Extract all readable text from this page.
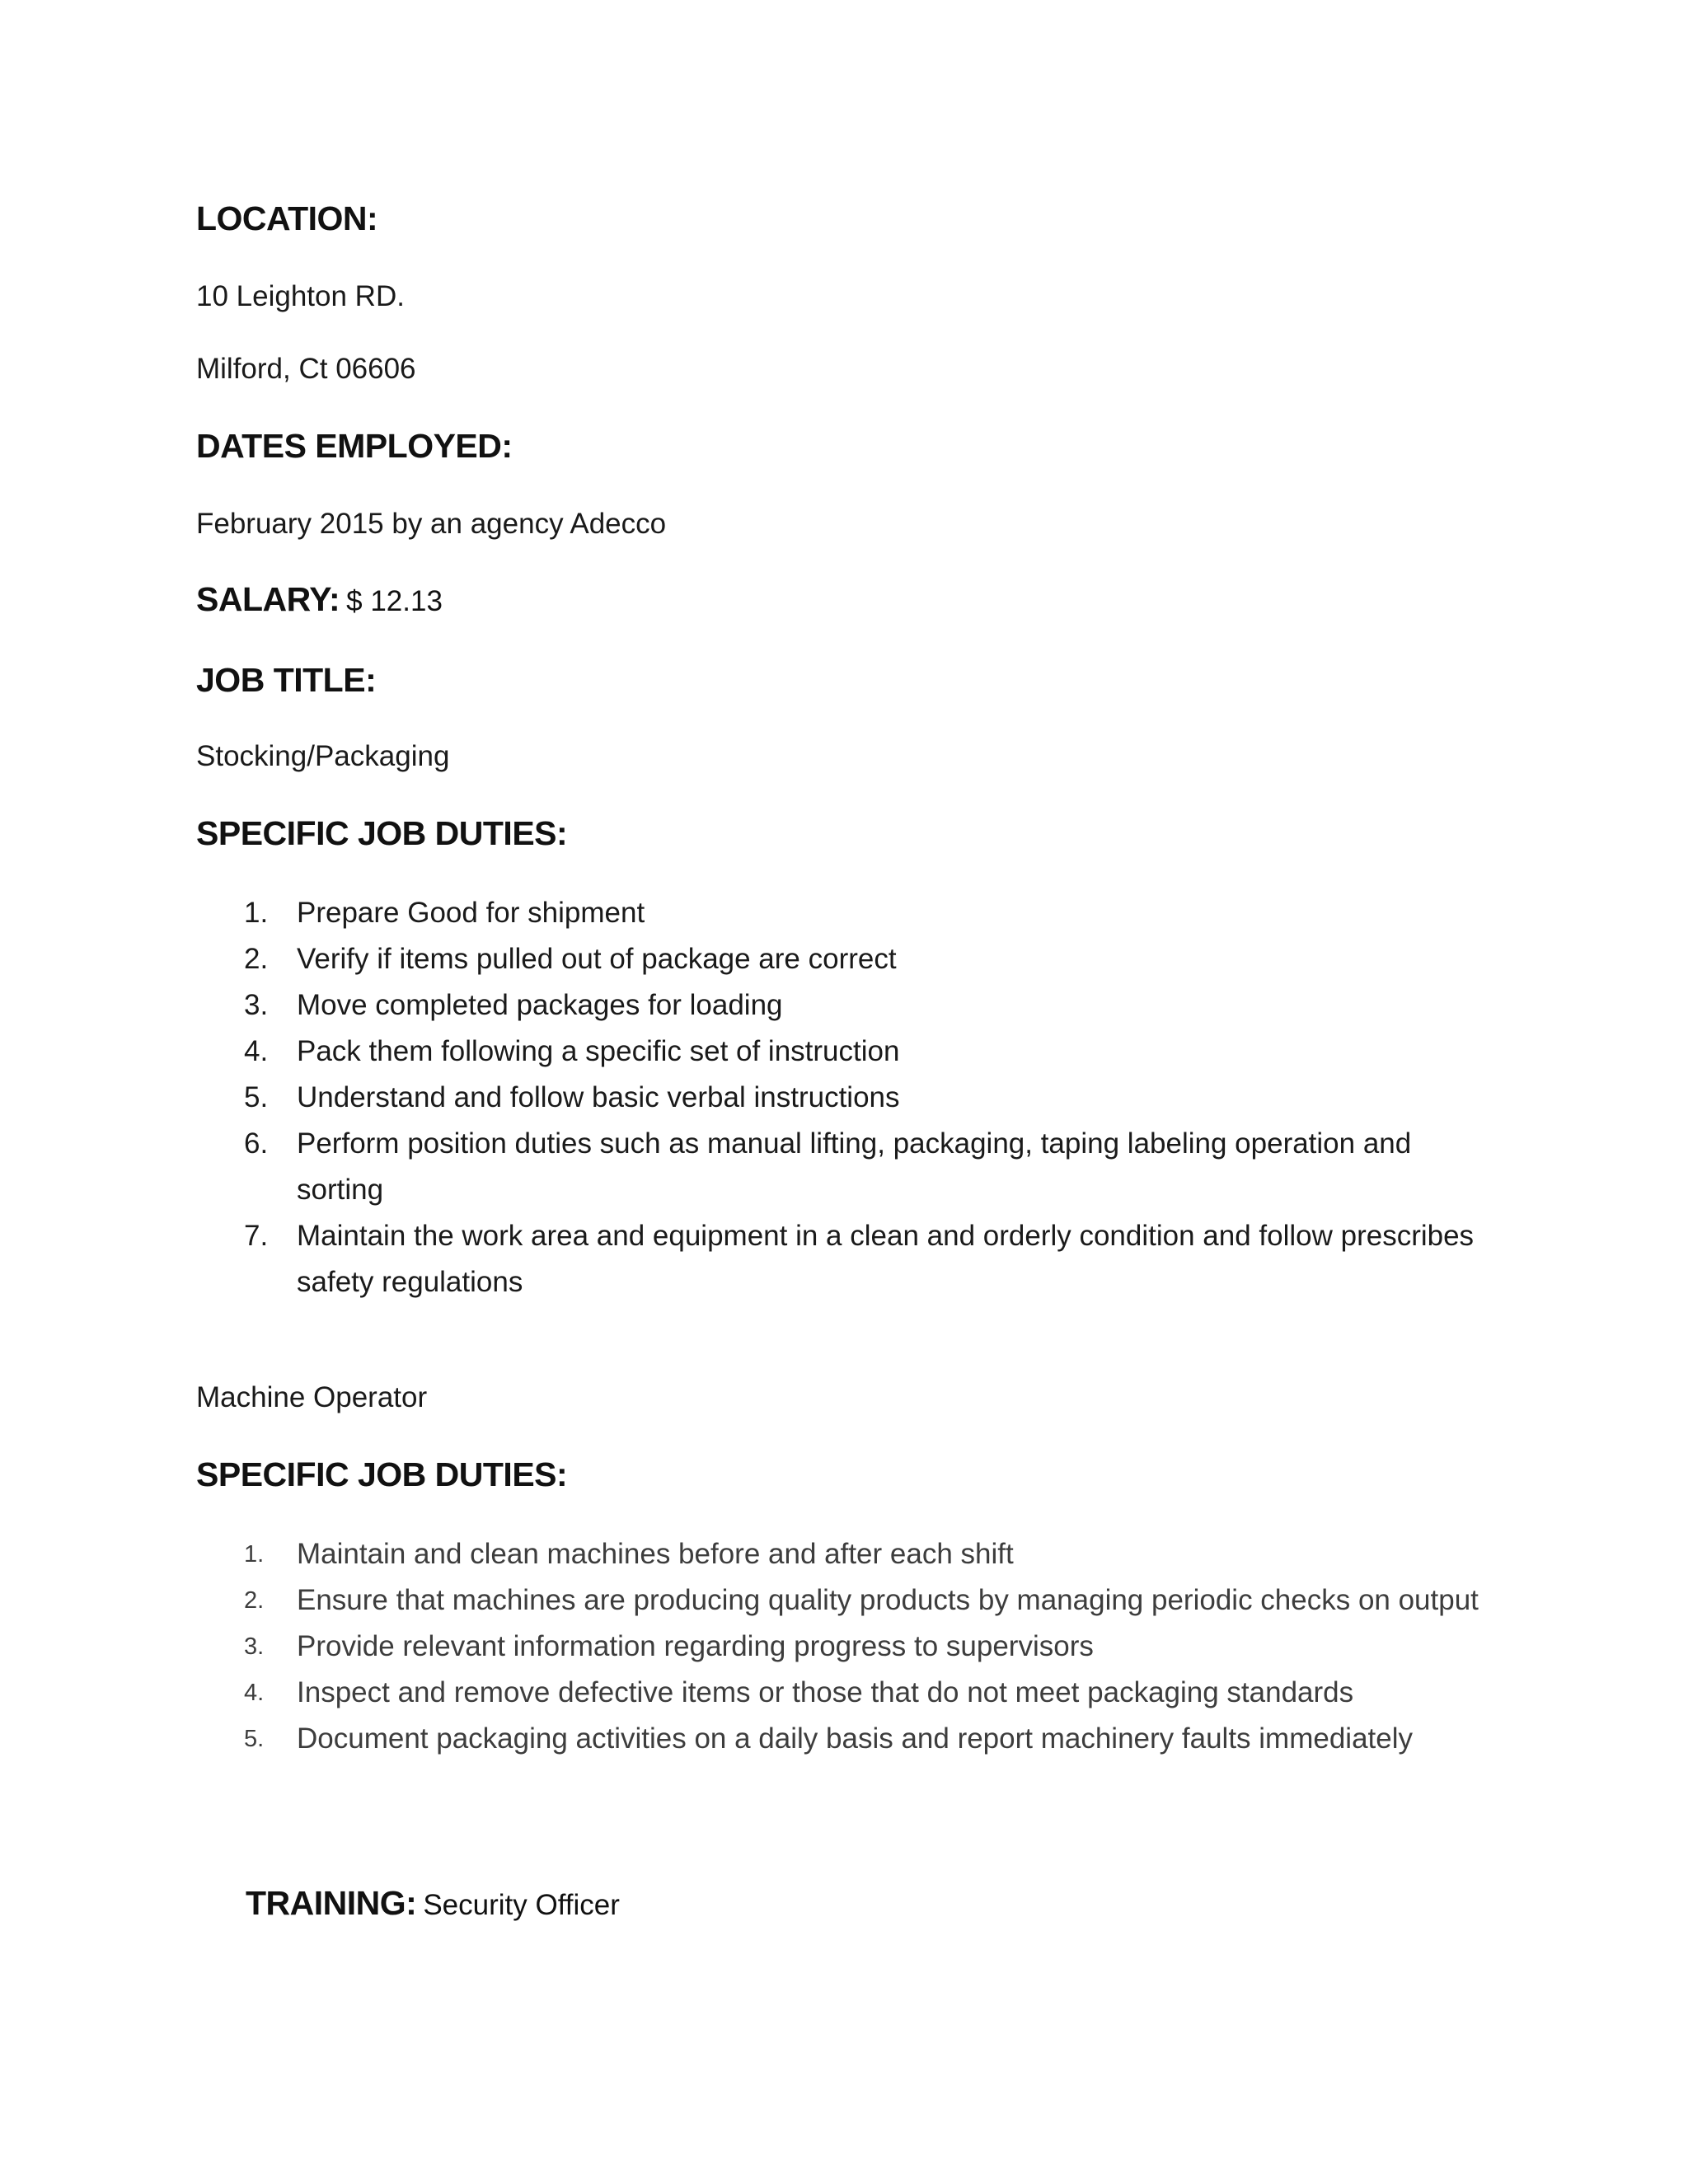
LOCATION:
10 Leighton RD.
Milford, Ct 06606
DATES EMPLOYED:
February 2015 by an agency Adecco
SALARY: $ 12.13
JOB TITLE:
Stocking/Packaging
SPECIFIC JOB DUTIES:
1. Prepare Good for shipment
2. Verify if items pulled out of package are correct
3. Move completed packages for loading
4. Pack them following a specific set of instruction
5. Understand and follow basic verbal instructions
6. Perform position duties such as manual lifting, packaging, taping labeling operation and sorting
7. Maintain the work area and equipment in a clean and orderly condition and follow prescribes safety regulations
Machine Operator
SPECIFIC JOB DUTIES:
1. Maintain and clean machines before and after each shift
2. Ensure that machines are producing quality products by managing periodic checks on output
3. Provide relevant information regarding progress to supervisors
4. Inspect and remove defective items or those that do not meet packaging standards
5. Document packaging activities on a daily basis and report machinery faults immediately
TRAINING: Security Officer
